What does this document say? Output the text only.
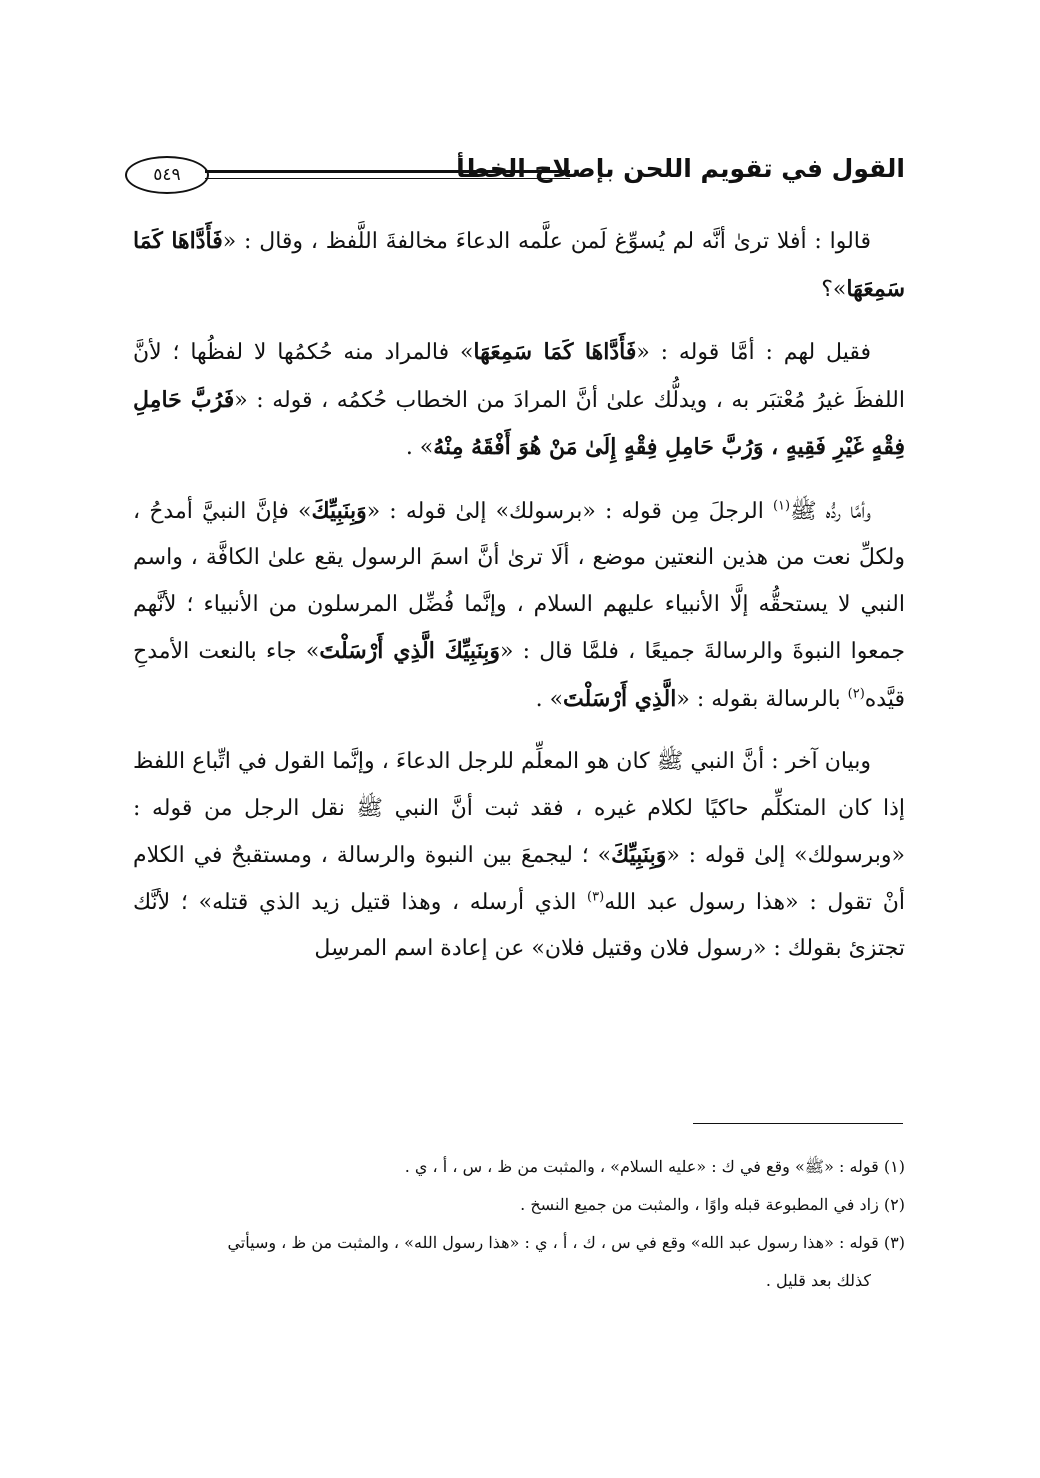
القول في تقويم اللحن بإصلاح الخطأ
٥٤٩

قالوا : أفلا ترىٰ أنَّه لم يُسوِّغ لَمن علَّمه الدعاءَ مخالفةَ اللَّفظ ، وقال : «فَأَدَّاهَا كَمَا سَمِعَهَا»؟

فقيل لهم : أمَّا قوله : «فَأَدَّاهَا كَمَا سَمِعَهَا» فالمراد منه حُكمُها لا لفظُها ؛ لأنَّ اللفظَ غيرُ مُعْتبَر به ، ويدلُّك علىٰ أنَّ المرادَ من الخطاب حُكمُه ، قوله : «فَرُبَّ حَامِلِ فِقْهٍ غَيْرِ فَقِيهٍ ، وَرُبَّ حَامِلِ فِقْهٍ إِلَىٰ مَنْ هُوَ أَفْقَهُ مِنْهُ» .

وأمَّا ردُّه ﷺ$^{(١)}$ الرجلَ مِن قوله : «برسولك» إلىٰ قوله : «وَبِنَبِيِّكَ» فإنَّ النبيَّ أمدحُ ، ولكلِّ نعت من هذين النعتين موضع ، ألَا ترىٰ أنَّ اسمَ الرسول يقع علىٰ الكافَّة ، واسم النبي لا يستحقُّه إلَّا الأنبياء عليهم السلام ، وإنَّما فُضِّل المرسلون من الأنبياء ؛ لأنَّهم جمعوا النبوةَ والرسالةَ جميعًا ، فلمَّا قال : «وَبِنَبِيِّكَ الَّذِي أَرْسَلْتَ» جاء بالنعت الأمدحِ قيَّده$^{(٢)}$ بالرسالة بقوله : «الَّذِي أَرْسَلْتَ» .

وبيان آخر : أنَّ النبي ﷺ كان هو المعلِّم للرجل الدعاءَ ، وإنَّما القول في اتِّباع اللفظ إذا كان المتكلِّم حاكيًا لكلام غيره ، فقد ثبت أنَّ النبي ﷺ نقل الرجل من قوله : «وبرسولك» إلىٰ قوله : «وَبِنَبِيِّكَ» ؛ ليجمعَ بين النبوة والرسالة ، ومستقبحٌ في الكلام أنْ تقول : «هذا رسول عبد الله$^{(٣)}$ الذي أرسله ، وهذا قتيل زيد الذي قتله» ؛ لأنَّك تجتزئ بقولك : «رسول فلان وقتيل فلان» عن إعادة اسم المرسِل

(١) قوله : «ﷺ» وقع في ك : «عليه السلام» ، والمثبت من ظ ، س ، أ ، ي .

(٢) زاد في المطبوعة قبله واوًا ، والمثبت من جميع النسخ .

(٣) قوله : «هذا رسول عبد الله» وقع في س ، ك ، أ ، ي : «هذا رسول الله» ، والمثبت من ظ ، وسيأتي

كذلك بعد قليل .
